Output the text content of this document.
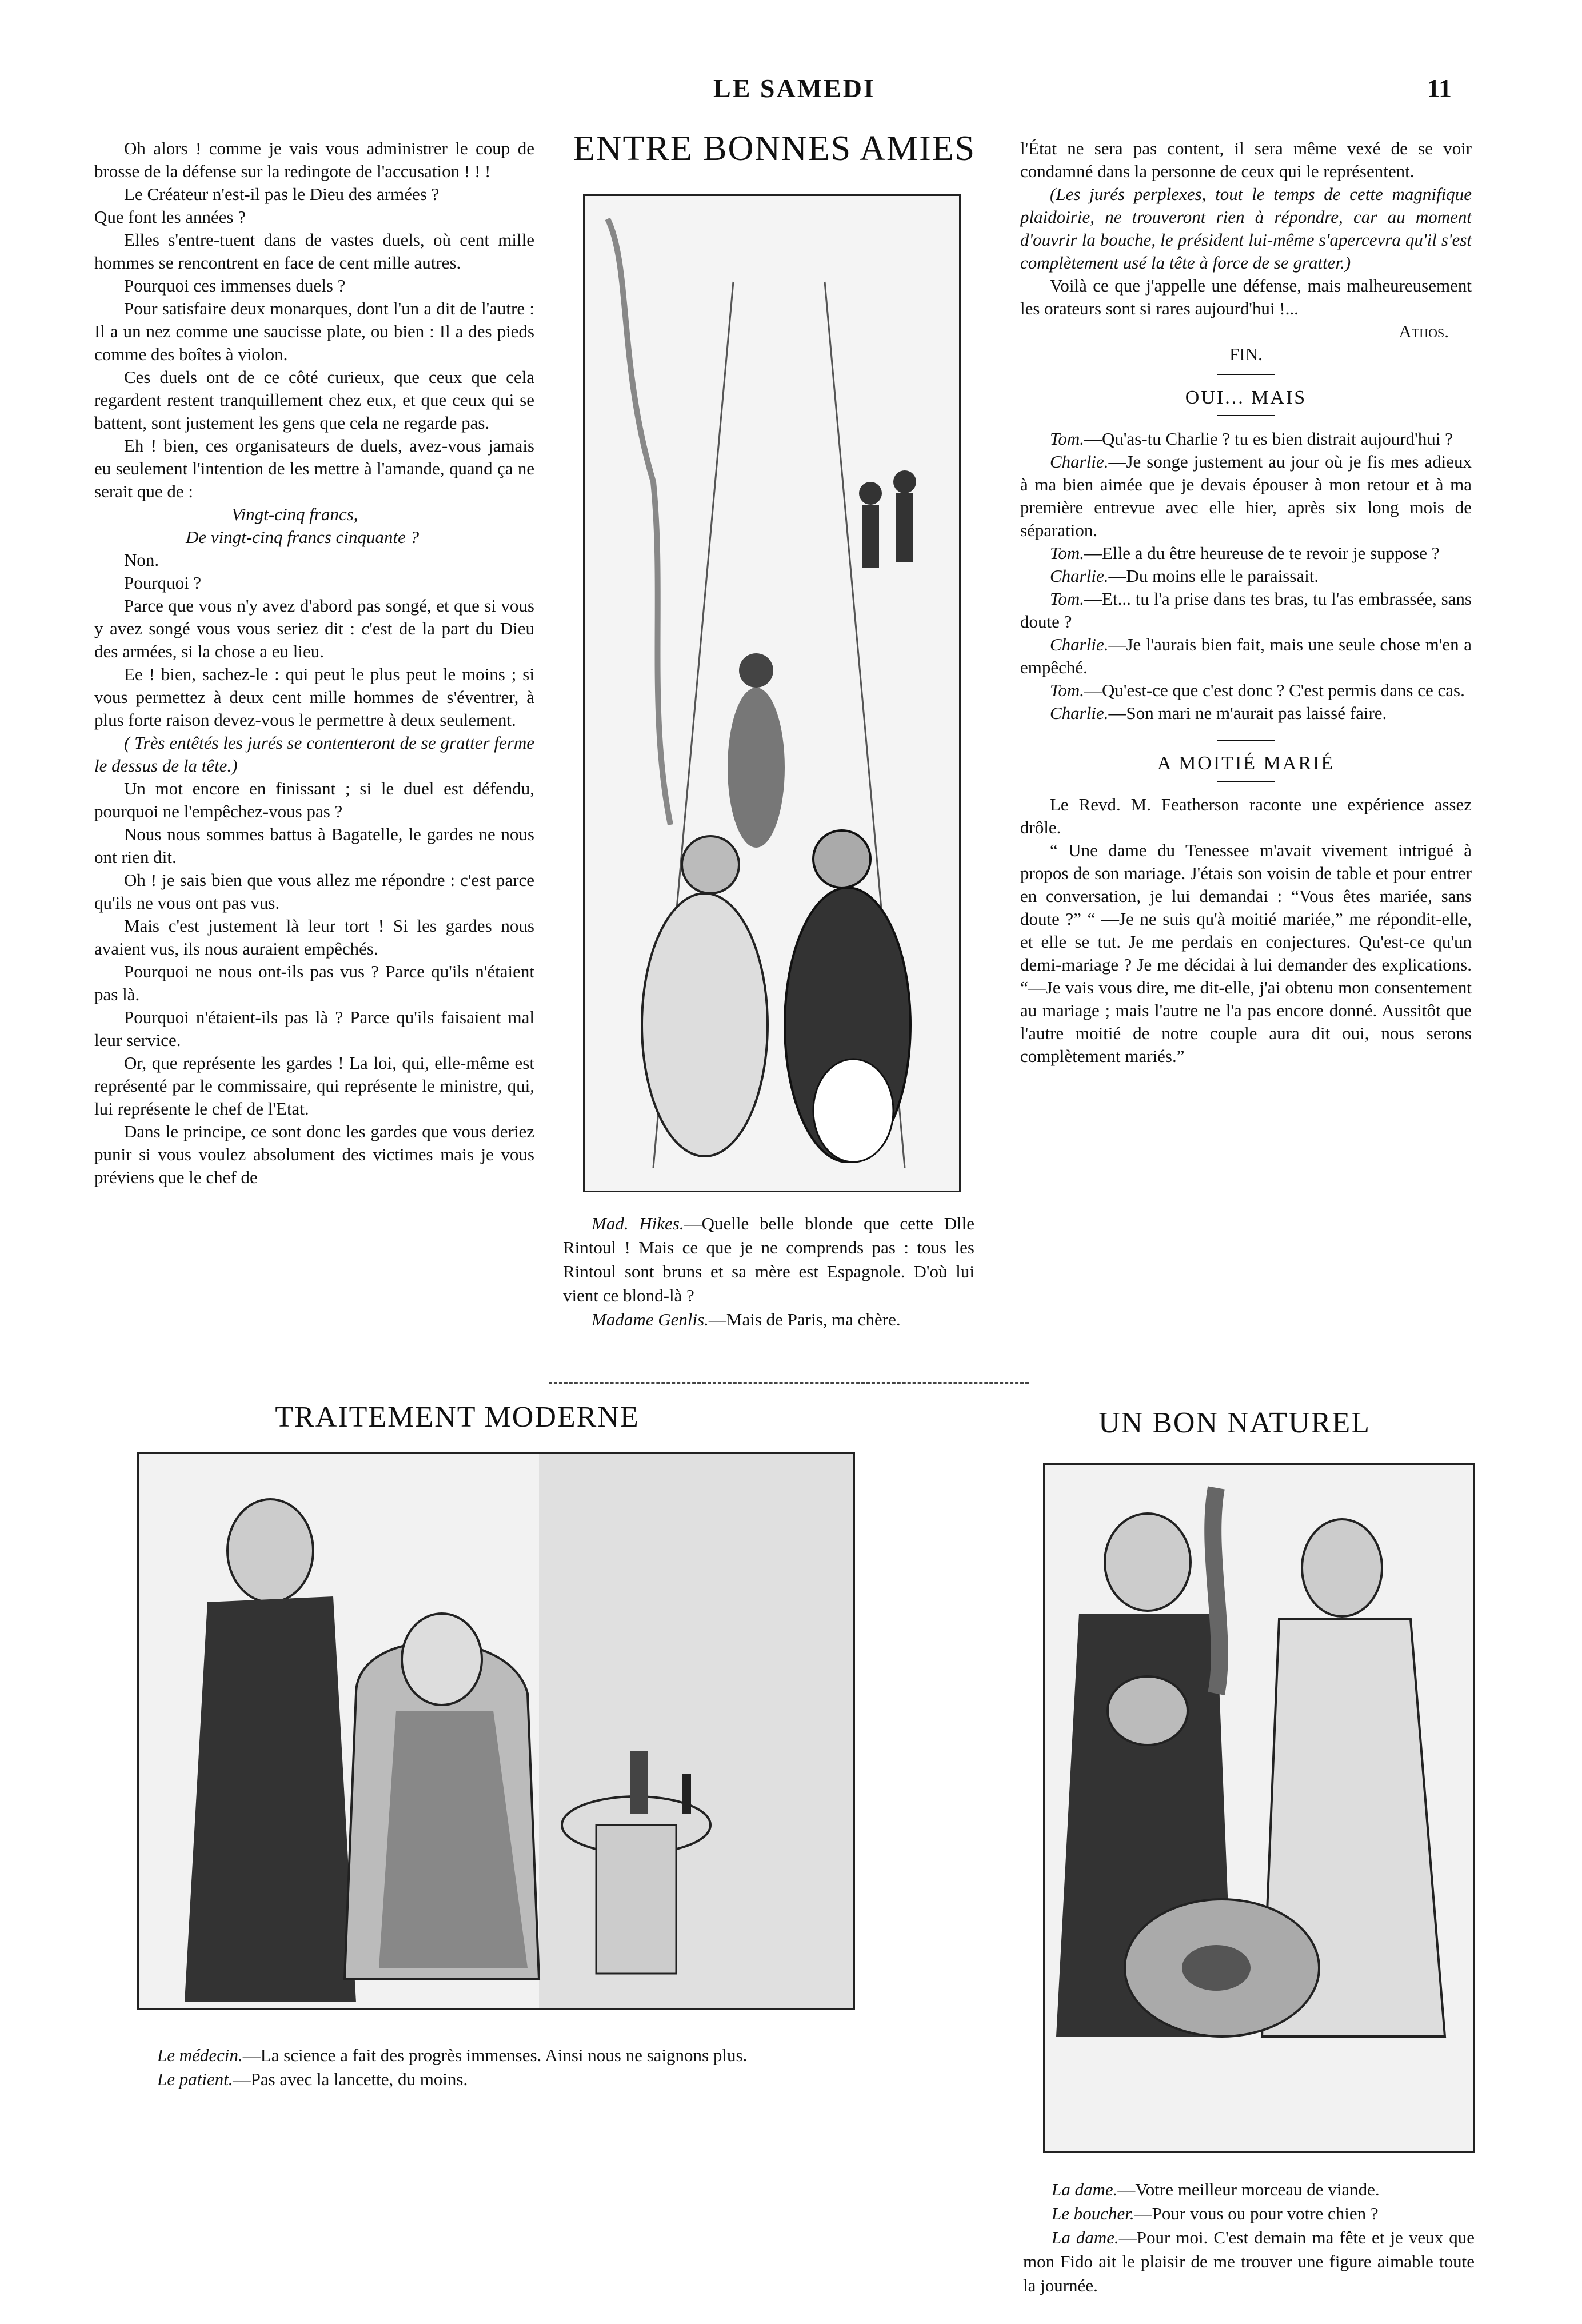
LE SAMEDI	11

Oh alors ! comme je vais vous administrer le coup de brosse de la défense sur la redingote de l'accusation ! ! !

Le Créateur n'est-il pas le Dieu des armées ?

Que font les années ?

Elles s'entre-tuent dans de vastes duels, où cent mille hommes se rencontrent en face de cent mille autres.

Pourquoi ces immenses duels ?

Pour satisfaire deux monarques, dont l'un a dit de l'autre : Il a un nez comme une saucisse plate, ou bien : Il a des pieds comme des boîtes à violon.

Ces duels ont de ce côté curieux, que ceux que cela regardent restent tranquillement chez eux, et que ceux qui se battent, sont justement les gens que cela ne regarde pas.

Eh ! bien, ces organisateurs de duels, avez-vous jamais eu seulement l'intention de les mettre à l'amande, quand ça ne serait que de :

Vingt-cinq francs,

De vingt-cinq francs cinquante ?

Non.

Pourquoi ?

Parce que vous n'y avez d'abord pas songé, et que si vous y avez songé vous vous seriez dit : c'est de la part du Dieu des armées, si la chose a eu lieu.

Ee ! bien, sachez-le : qui peut le plus peut le moins ; si vous permettez à deux cent mille hommes de s'éventrer, à plus forte raison devez-vous le permettre à deux seulement.

( Très entêtés les jurés se contenteront de se gratter ferme le dessus de la tête.)

Un mot encore en finissant ; si le duel est défendu, pourquoi ne l'empêchez-vous pas ?

Nous nous sommes battus à Bagatelle, le gardes ne nous ont rien dit.

Oh ! je sais bien que vous allez me répondre : c'est parce qu'ils ne vous ont pas vus.

Mais c'est justement là leur tort ! Si les gardes nous avaient vus, ils nous auraient empêchés.

Pourquoi ne nous ont-ils pas vus ? Parce qu'ils n'étaient pas là.

Pourquoi n'étaient-ils pas là ? Parce qu'ils faisaient mal leur service.

Or, que représente les gardes ! La loi, qui, elle-même est représenté par le commissaire, qui représente le ministre, qui, lui représente le chef de l'Etat.

Dans le principe, ce sont donc les gardes que vous deriez punir si vous voulez absolument des victimes mais je vous préviens que le chef de

ENTRE BONNES AMIES

Mad. Hikes.—Quelle belle blonde que cette Dlle Rintoul ! Mais ce que je ne comprends pas : tous les Rintoul sont bruns et sa mère est Espagnole. D'où lui vient ce blond-là ?

Madame Genlis.—Mais de Paris, ma chère.

l'État ne sera pas content, il sera même vexé de se voir condamné dans la personne de ceux qui le représentent.

(Les jurés perplexes, tout le temps de cette magnifique plaidoirie, ne trouveront rien à répondre, car au moment d'ouvrir la bouche, le président lui-même s'apercevra qu'il s'est complètement usé la tête à force de se gratter.)

Voilà ce que j'appelle une défense, mais malheureusement les orateurs sont si rares aujourd'hui !...

Athos.

FIN.

OUI... MAIS

Tom.—Qu'as-tu Charlie ? tu es bien distrait aujourd'hui ?

Charlie.—Je songe justement au jour où je fis mes adieux à ma bien aimée que je devais épouser à mon retour et à ma première entrevue avec elle hier, après six long mois de séparation.

Tom.—Elle a du être heureuse de te revoir je suppose ?

Charlie.—Du moins elle le paraissait.

Tom.—Et... tu l'a prise dans tes bras, tu l'as embrassée, sans doute ?

Charlie.—Je l'aurais bien fait, mais une seule chose m'en a empêché.

Tom.—Qu'est-ce que c'est donc ? C'est permis dans ce cas.

Charlie.—Son mari ne m'aurait pas laissé faire.

A MOITIÉ MARIÉ

Le Revd. M. Featherson raconte une expérience assez drôle.

“ Une dame du Tenessee m'avait vivement intrigué à propos de son mariage. J'étais son voisin de table et pour entrer en conversation, je lui demandai : “Vous êtes mariée, sans doute ?” “ —Je ne suis qu'à moitié mariée,” me répondit-elle, et elle se tut. Je me perdais en conjectures. Qu'est-ce qu'un demi-mariage ? Je me décidai à lui demander des explications. “—Je vais vous dire, me dit-elle, j'ai obtenu mon consentement au mariage ; mais l'autre ne l'a pas encore donné. Aussitôt que l'autre moitié de notre couple aura dit oui, nous serons complètement mariés.”

TRAITEMENT MODERNE

Le médecin.—La science a fait des progrès immenses. Ainsi nous ne saignons plus.

Le patient.—Pas avec la lancette, du moins.

UN BON NATUREL

La dame.—Votre meilleur morceau de viande.

Le boucher.—Pour vous ou pour votre chien ?

La dame.—Pour moi. C'est demain ma fête et je veux que mon Fido ait le plaisir de me trouver une figure aimable toute la journée.
